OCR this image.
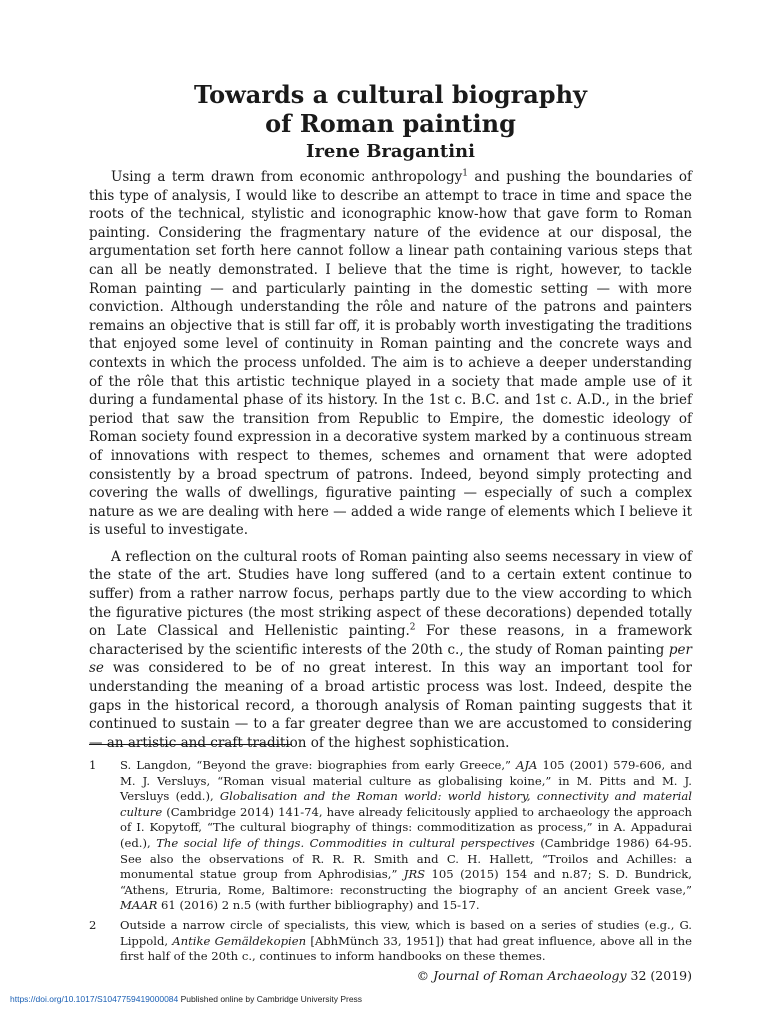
Towards a cultural biography
of Roman painting
Irene Bragantini

Using a term drawn from economic anthropology$^1$ and pushing the boundaries of this type of analysis, I would like to describe an attempt to trace in time and space the roots of the technical, stylistic and iconographic know-how that gave form to Roman painting. Considering the fragmentary nature of the evidence at our disposal, the argumentation set forth here cannot follow a linear path containing various steps that can all be neatly demonstrated. I believe that the time is right, however, to tackle Roman painting — and particularly painting in the domestic setting — with more conviction. Although understanding the rôle and nature of the patrons and painters remains an objective that is still far off, it is probably worth investigating the traditions that enjoyed some level of continuity in Roman painting and the concrete ways and contexts in which the process unfolded. The aim is to achieve a deeper understanding of the rôle that this artistic technique played in a society that made ample use of it during a fundamental phase of its history. In the 1st c. B.C. and 1st c. A.D., in the brief period that saw the transition from Republic to Empire, the domestic ideology of Roman society found expression in a decorative system marked by a continuous stream of innovations with respect to themes, schemes and ornament that were adopted consistently by a broad spectrum of patrons. Indeed, beyond simply protecting and covering the walls of dwellings, figurative painting — especially of such a complex nature as we are dealing with here — added a wide range of elements which I believe it is useful to investigate.

A reflection on the cultural roots of Roman painting also seems necessary in view of the state of the art. Studies have long suffered (and to a certain extent continue to suffer) from a rather narrow focus, perhaps partly due to the view according to which the figurative pictures (the most striking aspect of these decorations) depended totally on Late Classical and Hellenistic painting.$^2$ For these reasons, in a framework characterised by the scientific interests of the 20th c., the study of Roman painting per se was considered to be of no great interest. In this way an important tool for understanding the meaning of a broad artistic process was lost. Indeed, despite the gaps in the historical record, a thorough analysis of Roman painting suggests that it continued to sustain — to a far greater degree than we are accustomed to considering — an artistic and craft tradition of the highest sophistication.

1	S. Langdon, “Beyond the grave: biographies from early Greece,” AJA 105 (2001) 579-606, and M. J. Versluys, “Roman visual material culture as globalising koine,” in M. Pitts and M. J. Versluys (edd.), Globalisation and the Roman world: world history, connectivity and material culture (Cambridge 2014) 141-74, have already felicitously applied to archaeology the approach of I. Kopytoff, “The cultural biography of things: commoditization as process,” in A. Appadurai (ed.), The social life of things. Commodities in cultural perspectives (Cambridge 1986) 64-95. See also the observations of R. R. R. Smith and C. H. Hallett, “Troilos and Achilles: a monumental statue group from Aphrodisias,” JRS 105 (2015) 154 and n.87; S. D. Bundrick, “Athens, Etruria, Rome, Baltimore: reconstructing the biography of an ancient Greek vase,” MAAR 61 (2016) 2 n.5 (with further bibliography) and 15-17.
2	Outside a narrow circle of specialists, this view, which is based on a series of studies (e.g., G. Lippold, Antike Gemäldekopien [AbhMünch 33, 1951]) that had great influence, above all in the first half of the 20th c., continues to inform handbooks on these themes.
© Journal of Roman Archaeology 32 (2019)
https://doi.org/10.1017/S1047759419000084 Published online by Cambridge University Press
